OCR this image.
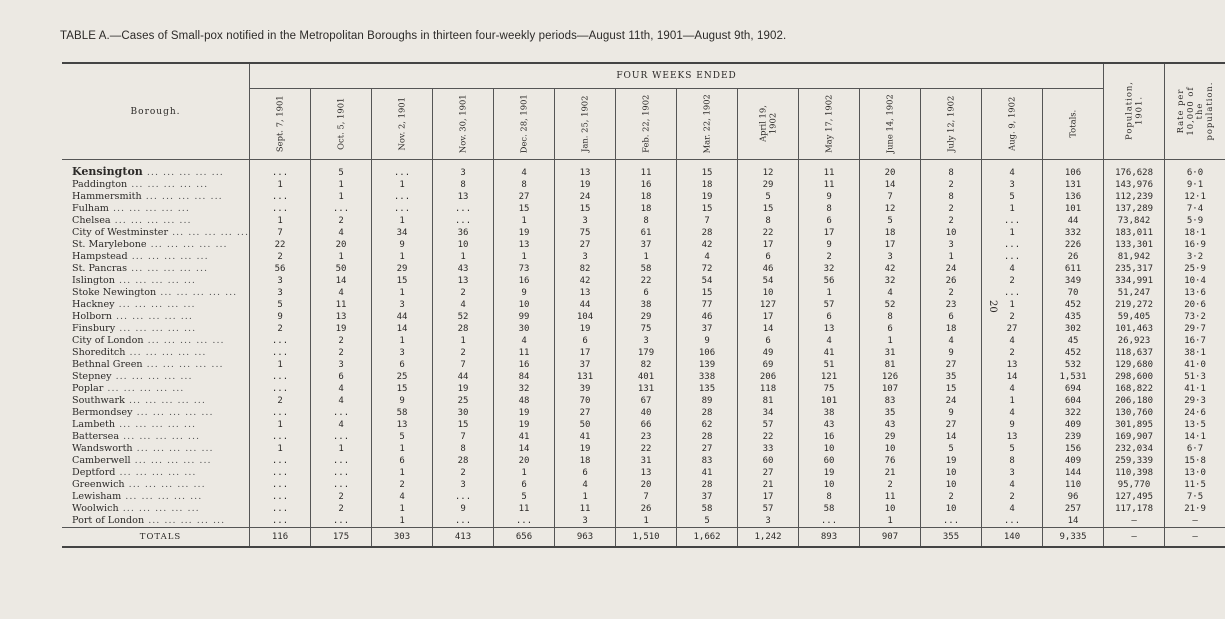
TABLE A.—Cases of Small-pox notified in the Metropolitan Boroughs in thirteen four-weekly periods—August 11th, 1901—August 9th, 1902.
20
Borough.	FOUR WEEKS ENDED														Population, 1901.	Rate per 10,000 of the population.
	Sept. 7, 1901	Oct. 5, 1901	Nov. 2, 1901	Nov. 30, 1901	Dec. 28, 1901	Jan. 25, 1902	Feb. 22, 1902	Mar. 22, 1902	April 19, 1902	May 17, 1902	June 14, 1902	July 12, 1902	Aug. 9, 1902	Totals.		

	Kensington ... ... ... ... ...	...	5	...	3	4	13	11	15	12	11	20	8	4	106	176,628	6·0
Paddington ... ... ... ... ...	1	1	1	8	8	19	16	18	29	11	14	2	3	131	143,976	9·1
Hammersmith ... ... ... ... ...	...	1	...	13	27	24	18	19	5	9	7	8	5	136	112,239	12·1
Fulham ... ... ... ... ...	...	...	...	...	15	15	18	15	15	8	12	2	1	101	137,289	7·4
Chelsea ... ... ... ... ...	1	2	1	...	1	3	8	7	8	6	5	2	...	44	73,842	5·9
City of Westminster ... ... ... ... ...	7	4	34	36	19	75	61	28	22	17	18	10	1	332	183,011	18·1

	St. Marylebone ... ... ... ... ...	22	20	9	10	13	27	37	42	17	9	17	3	...	226	133,301	16·9
Hampstead ... ... ... ... ...	2	1	1	1	1	3	1	4	6	2	3	1	...	26	81,942	3·2
St. Pancras ... ... ... ... ...	56	50	29	43	73	82	58	72	46	32	42	24	4	611	235,317	25·9
Islington ... ... ... ... ...	3	14	15	13	16	42	22	54	54	56	32	26	2	349	334,991	10·4
Stoke Newington ... ... ... ... ...	3	4	1	2	9	13	6	15	10	1	4	2	...	70	51,247	13·6
Hackney ... ... ... ... ...	5	11	3	4	10	44	38	77	127	57	52	23	1	452	219,272	20·6

	Holborn ... ... ... ... ...	9	13	44	52	99	104	29	46	17	6	8	6	2	435	59,405	73·2
Finsbury ... ... ... ... ...	2	19	14	28	30	19	75	37	14	13	6	18	27	302	101,463	29·7
City of London ... ... ... ... ...	...	2	1	1	4	6	3	9	6	4	1	4	4	45	26,923	16·7

	Shoreditch ... ... ... ... ...	...	2	3	2	11	17	179	106	49	41	31	9	2	452	118,637	38·1
Bethnal Green ... ... ... ... ...	1	3	6	7	16	37	82	139	69	51	81	27	13	532	129,680	41·0
Stepney ... ... ... ... ...	...	6	25	44	84	131	401	338	206	121	126	35	14	1,531	298,600	51·3
Poplar ... ... ... ... ...	...	4	15	19	32	39	131	135	118	75	107	15	4	694	168,822	41·1

	Southwark ... ... ... ... ...	2	4	9	25	48	70	67	89	81	101	83	24	1	604	206,180	29·3
Bermondsey ... ... ... ... ...	...	...	58	30	19	27	40	28	34	38	35	9	4	322	130,760	24·6
Lambeth ... ... ... ... ...	1	4	13	15	19	50	66	62	57	43	43	27	9	409	301,895	13·5
Battersea ... ... ... ... ...	...	...	5	7	41	41	23	28	22	16	29	14	13	239	169,907	14·1
Wandsworth ... ... ... ... ...	1	1	1	8	14	19	22	27	33	10	10	5	5	156	232,034	6·7
Camberwell ... ... ... ... ...	...	...	6	28	20	18	31	83	60	60	76	19	8	409	259,339	15·8
Deptford ... ... ... ... ...	...	...	1	2	1	6	13	41	27	19	21	10	3	144	110,398	13·0
Greenwich ... ... ... ... ...	...	...	2	3	6	4	20	28	21	10	2	10	4	110	95,770	11·5
Lewisham ... ... ... ... ...	...	2	4	...	5	1	7	37	17	8	11	2	2	96	127,495	7·5
Woolwich ... ... ... ... ...	...	2	1	9	11	11	26	58	57	58	10	10	4	257	117,178	21·9
Port of London ... ... ... ... ...	...	...	1	...	...	3	1	5	3	...	1	...	...	14	—	—
	TOTALS	116	175	303	413	656	963	1,510	1,662	1,242	893	907	355	140	9,335	—	—
